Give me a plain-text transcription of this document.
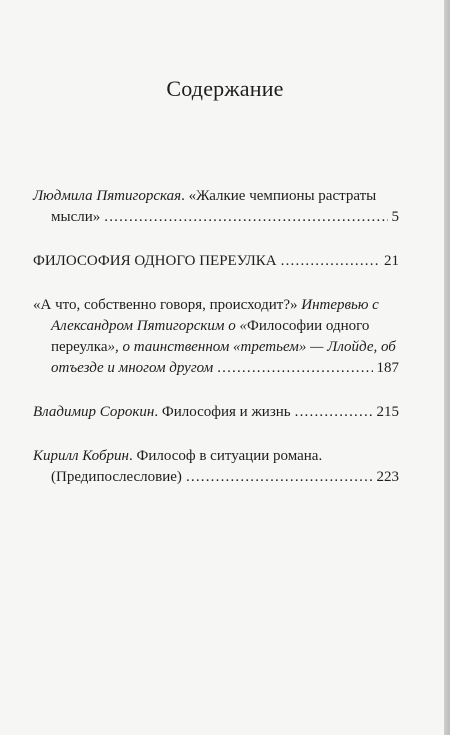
Содержание
Людмила Пятигорская . «Жалкие чемпионы растраты
мысли» .....	5
ФИЛОСОФИЯ ОДНОГО ПЕРЕУЛКА .....	21
«А что, собственно говоря, происходит?»
Интервью с
Александром Пятигорским о « Философии одного
переулка », о таинственном «третьем» — Ллойде, об
отъезде и многом другом .....	187
Владимир Сорокин . Философия и жизнь .....	215
Кирилл Кобрин . Философ в ситуации романа.
(Предипослесловие) .....	223
